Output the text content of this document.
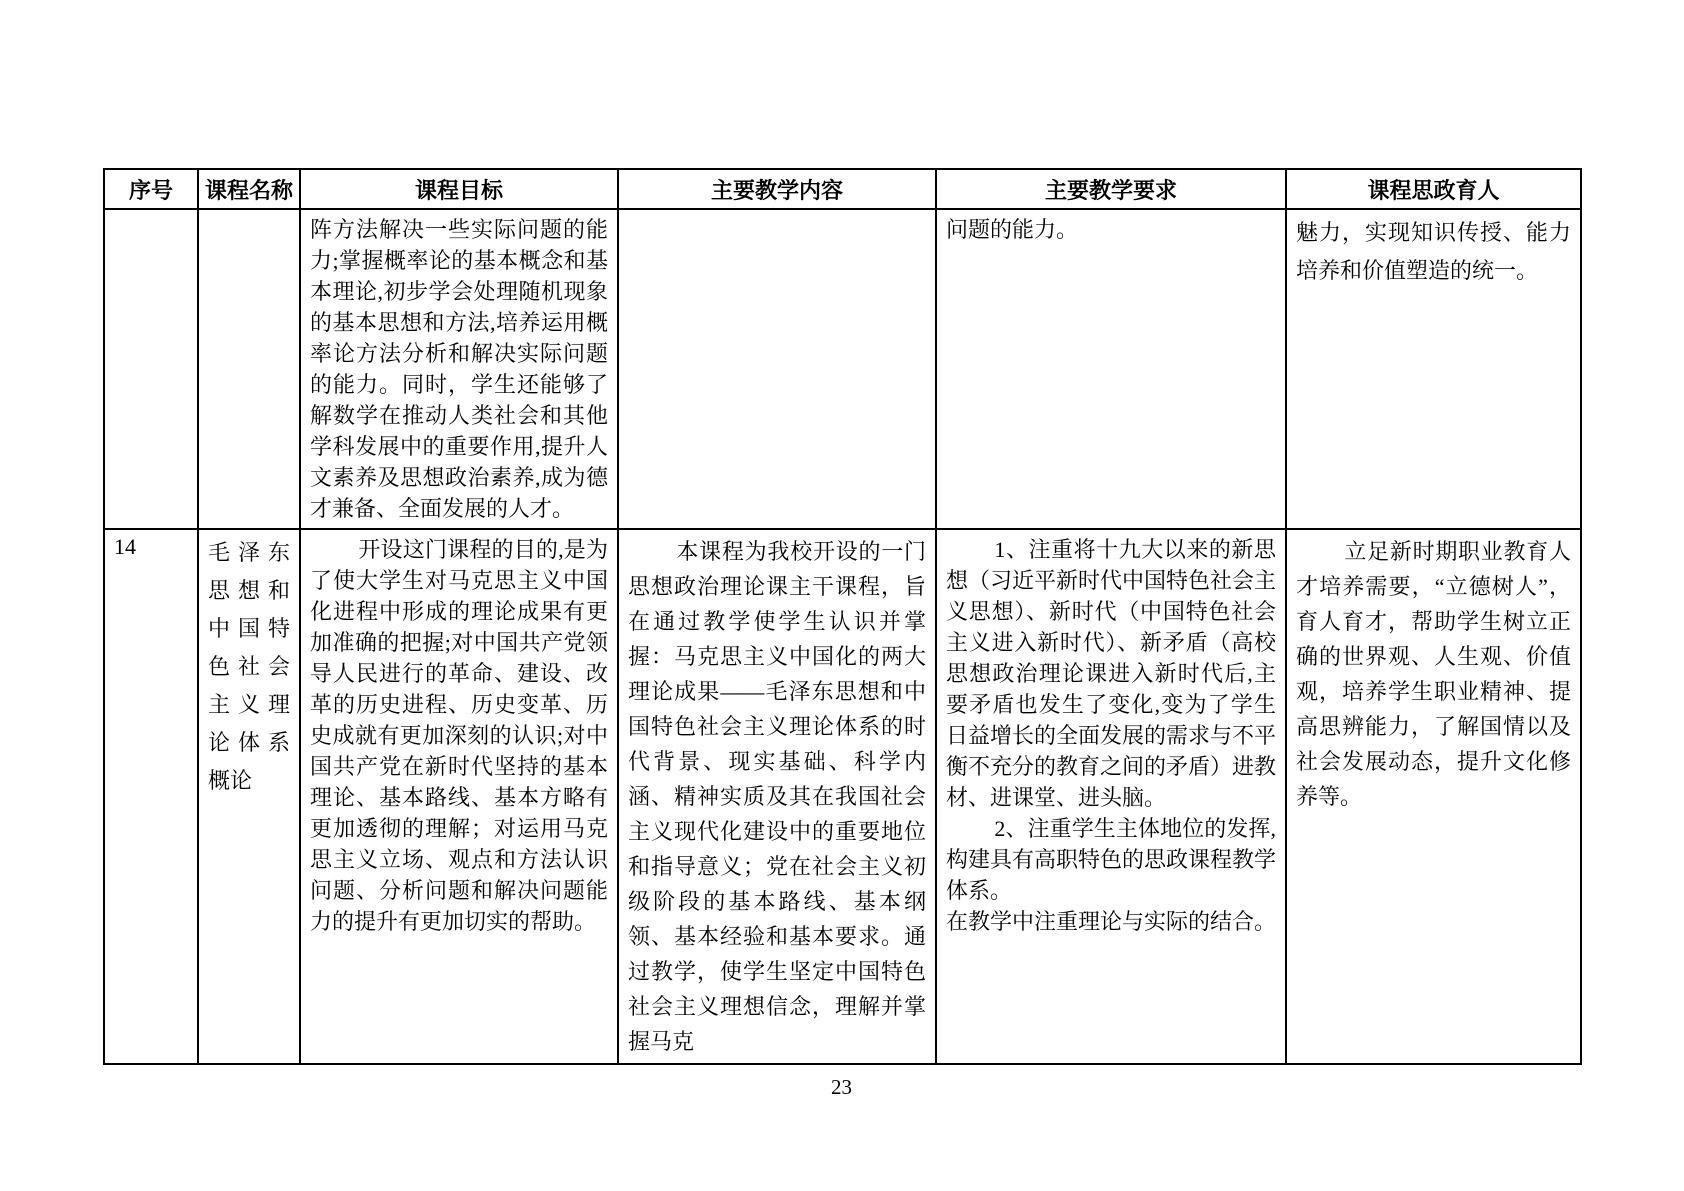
序号	课程名称	课程目标	主要教学内容	主要教学要求	课程思政育人

		阵方法解决一些实际问题的能力;掌握概率论的基本概念和基本理论,初步学会处理随机现象的基本思想和方法,培养运用概率论方法分析和解决实际问题的能力。同时，学生还能够了解数学在推动人类社会和其他学科发展中的重要作用,提升人文素养及思想政治素养,成为德才兼备、全面发展的人才。		问题的能力。	魅力，实现知识传授、能力培养和价值塑造的统一。

14	毛泽东思想和中国特色社会主义理论体系概论	开设这门课程的目的,是为了使大学生对马克思主义中国化进程中形成的理论成果有更加准确的把握;对中国共产党领导人民进行的革命、建设、改革的历史进程、历史变革、历史成就有更加深刻的认识;对中国共产党在新时代坚持的基本理论、基本路线、基本方略有更加透彻的理解；对运用马克思主义立场、观点和方法认识问题、分析问题和解决问题能力的提升有更加切实的帮助。	本课程为我校开设的一门思想政治理论课主干课程，旨在通过教学使学生认识并掌握：马克思主义中国化的两大理论成果——毛泽东思想和中国特色社会主义理论体系的时代背景、现实基础、科学内涵、精神实质及其在我国社会主义现代化建设中的重要地位和指导意义；党在社会主义初级阶段的基本路线、基本纲领、基本经验和基本要求。通过教学，使学生坚定中国特色社会主义理想信念，理解并掌握马克	1、注重将十九大以来的新思想（习近平新时代中国特色社会主义思想）、新时代（中国特色社会主义进入新时代）、新矛盾（高校思想政治理论课进入新时代后,主要矛盾也发生了变化,变为了学生日益增长的全面发展的需求与不平衡不充分的教育之间的矛盾）进教材、进课堂、进头脑。

2、注重学生主体地位的发挥,构建具有高职特色的思政课程教学体系。

在教学中注重理论与实际的结合。	立足新时期职业教育人才培养需要，“立德树人”，育人育才，帮助学生树立正确的世界观、人生观、价值观，培养学生职业精神、提高思辨能力，了解国情以及社会发展动态，提升文化修养等。

23
